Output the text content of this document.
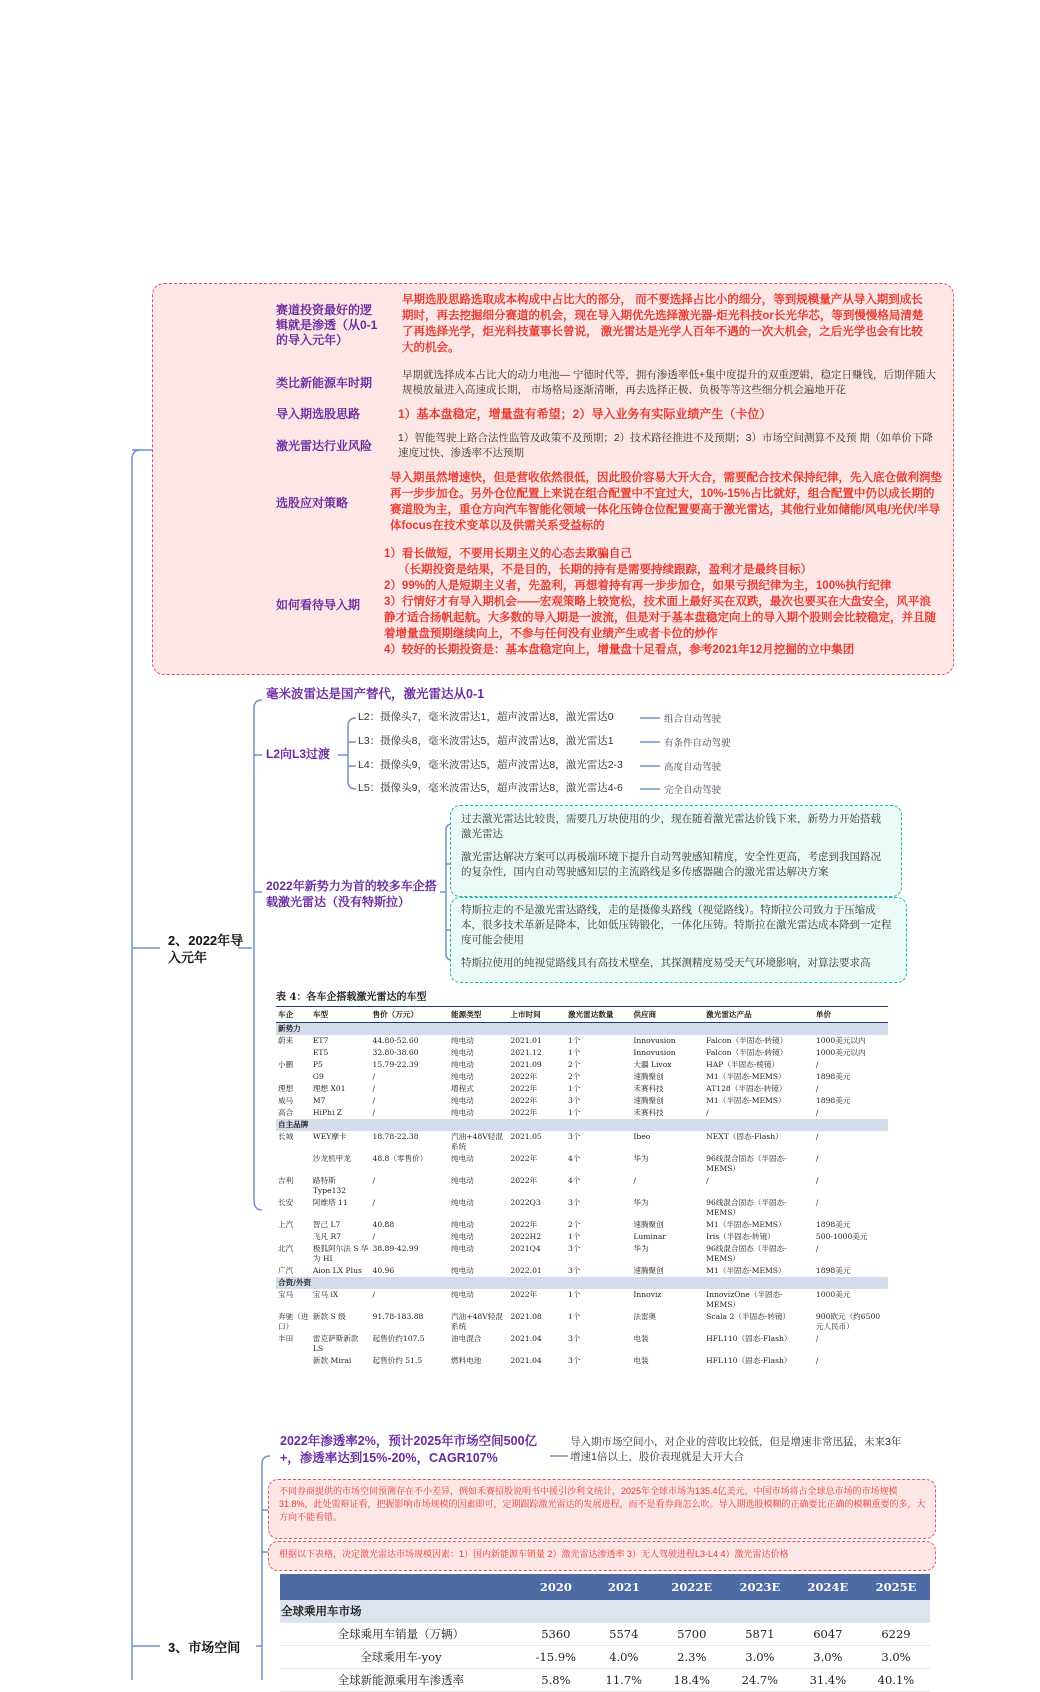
2、2022年导入元年
3、市场空间
赛道投资最好的逻辑就是渗透（从0-1的导入元年）
早期选股思路选取成本构成中占比大的部分， 而不要选择占比小的细分，等到规模量产从导入期到成长期时，再去挖掘细分赛道的机会，现在导入期优先选择激光器-炬光科技or长光华芯，等到慢慢格局清楚了再选择光学，炬光科技董事长曾说， 激光雷达是光学人百年不遇的一次大机会，之后光学也会有比较大的机会。
类比新能源车时期
早期就选择成本占比大的动力电池— 宁德时代等，拥有渗透率低+集中度提升的双重逻辑，稳定日赚钱，后期伴随大规模放量进入高速成长期， 市场格局逐渐清晰，再去选择正极、负极等等这些细分机会遍地开花
导入期选股思路	1）基本盘稳定，增量盘有希望；2）导入业务有实际业绩产生（卡位）
激光雷达行业风险
1）智能驾驶上路合法性监管及政策不及预期；2）技术路径推进不及预期；3）市场空间测算不及预 期（如单价下降速度过快、渗透率不达预期
选股应对策略
导入期虽然增速快，但是营收依然很低，因此股价容易大开大合，需要配合技术保持纪律，先入底仓做利润垫再一步步加仓。另外仓位配置上来说在组合配置中不宜过大，10%-15%占比就好，组合配置中仍以成长期的赛道股为主，重仓方向汽车智能化领域一体化压铸仓位配置要高于激光雷达，其他行业如储能/风电/光伏/半导体focus在技术变革以及供需关系受益标的
如何看待导入期
1）看长做短，不要用长期主义的心态去欺骗自己
（长期投资是结果，不是目的，长期的持有是需要持续跟踪，盈利才是最终目标）
2）99%的人是短期主义者，先盈利，再想着持有再一步步加仓，如果亏损纪律为主，100%执行纪律
3）行情好才有导入期机会——宏观策略上较宽松，技术面上最好买在双跌，最次也要买在大盘安全，风平浪静才适合扬帆起航。大多数的导入期是一波流，但是对于基本盘稳定向上的导入期个股则会比较稳定，并且随着增量盘预期继续向上，不参与任何没有业绩产生或者卡位的炒作
4）较好的长期投资是：基本盘稳定向上，增量盘十足看点，参考2021年12月挖掘的立中集团
毫米波雷达是国产替代，激光雷达从0-1
L2向L3过渡
L2：摄像头7，毫米波雷达1，超声波雷达8，激光雷达0	组合自动驾驶
L3：摄像头8，毫米波雷达5，超声波雷达8，激光雷达1	有条件自动驾驶
L4：摄像头9，毫米波雷达5，超声波雷达8，激光雷达2-3	高度自动驾驶
L5：摄像头9，毫米波雷达5，超声波雷达8，激光雷达4-6	完全自动驾驶
2022年新势力为首的较多车企搭载激光雷达（没有特斯拉）
过去激光雷达比较贵，需要几万块使用的少，现在随着激光雷达价钱下来，新势力开始搭载激光雷达
激光雷达解决方案可以再极端环境下提升自动驾驶感知精度，安全性更高，考虑到我国路况的复杂性，国内自动驾驶感知层的主流路线是多传感器融合的激光雷达解决方案
特斯拉走的不是激光雷达路线，走的是摄像头路线（视觉路线）。特斯拉公司致力于压缩成本，很多技术革新是降本，比如低压铸锻化，一体化压铸。特斯拉在激光雷达成本降到一定程度可能会使用
特斯拉使用的纯视觉路线具有高技术壁垒，其探测精度易受天气环境影响，对算法要求高
表 4：各车企搭载激光雷达的车型
车企	车型	售价（万元）	能源类型	上市时间	激光雷达数量	供应商	激光雷达产品	单价
新势力								
蔚来	ET7	44.80-52.60	纯电动	2021.01	1个	Innovusion	Falcon（半固态-转镜）	1000美元以内
	ET5	32.80-38.60	纯电动	2021.12	1个	Innovusion	Falcon（半固态-转镜）	1000美元以内
小鹏	P5	15.79-22.39	纯电动	2021.09	2个	大疆 Livox	HAP（半固态-棱镜）	/
	G9	/	纯电动	2022年	2个	速腾聚创	M1（半固态-MEMS）	1898美元
理想	理想 X01	/	增程式	2022年	1个	禾赛科技	AT128（半固态-转镜）	/
威马	M7	/	纯电动	2022年	3个	速腾聚创	M1（半固态-MEMS）	1898美元
高合	HiPhi Z	/	纯电动	2022年	1个	禾赛科技	/	/
自主品牌								
长城	WEY摩卡	18.78-22.38	汽油+48V轻混系统	2021.05	3个	Ibeo	NEXT（固态-Flash）	/
	沙龙机甲龙	48.8（零售价）	纯电动	2022年	4个	华为	96线混合固态（半固态-MEMS）	/
吉利	路特斯Type132	/	纯电动	2022年	4个	/	/	/
长安	阿维塔 11	/	纯电动	2022Q3	3个	华为	96线混合固态（半固态-MEMS）	/
上汽	智己 L7	40.88	纯电动	2022年	2个	速腾聚创	M1（半固态-MEMS）	1898美元
	飞凡 R7	/	纯电动	2022H2	1个	Luminar	Iris（半固态-转镜）	500-1000美元
北汽	极狐阿尔法 S 华为 HI	38.89-42.99	纯电动	2021Q4	3个	华为	96线混合固态（半固态-MEMS）	/
广汽	Aion LX Plus	40.96	纯电动	2022.01	3个	速腾聚创	M1（半固态-MEMS）	1898美元
合资/外资								
宝马	宝马 iX	/	纯电动	2022年	1个	Innoviz	InnovizOne（半固态-MEMS）	1000美元
奔驰（进口）	新款 S 级	91.78-183.88	汽油+48V轻混系统	2021.08	1个	法雷奥	Scala 2（半固态-转镜）	900欧元（约6500元人民币）
丰田	雷克萨斯新款 LS	起售价约107.5	油电混合	2021.04	3个	电装	HFL110（固态-Flash）	/
	新款 Mirai	起售价约 51.5	燃料电池	2021.04	3个	电装	HFL110（固态-Flash）	/
2022年渗透率2%，预计2025年市场空间500亿+，渗透率达到15%-20%，CAGR107%
导入期市场空间小，对企业的营收比较低，但是增速非常迅猛，未来3年增速1倍以上，股价表现就是大开大合
不同券商提供的市场空间预测存在不小差异，例如禾赛招股说明书中援引沙利文统计，2025年全球市场为135.4亿美元，中国市场将占全球总市场的市场规模31.8%，此处需辩证看，把握影响市场规模的因素即可，定期跟踪激光雷达的发展进程，而不是看券商怎么吹。导入期选股模糊的正确要比正确的模糊重要的多，大方向不能看错。
根据以下表格，决定激光雷达市场规模因素：1）国内新能源车销量 2）激光雷达渗透率 3）无人驾驶进程L3-L4 4）激光雷达价格
	2020	2021	2022E	2023E	2024E	2025E
全球乘用车市场						
全球乘用车销量（万辆）	5360	5574	5700	5871	6047	6229
全球乘用车-yoy	-15.9%	4.0%	2.3%	3.0%	3.0%	3.0%
全球新能源乘用车渗透率	5.8%	11.7%	18.4%	24.7%	31.4%	40.1%
